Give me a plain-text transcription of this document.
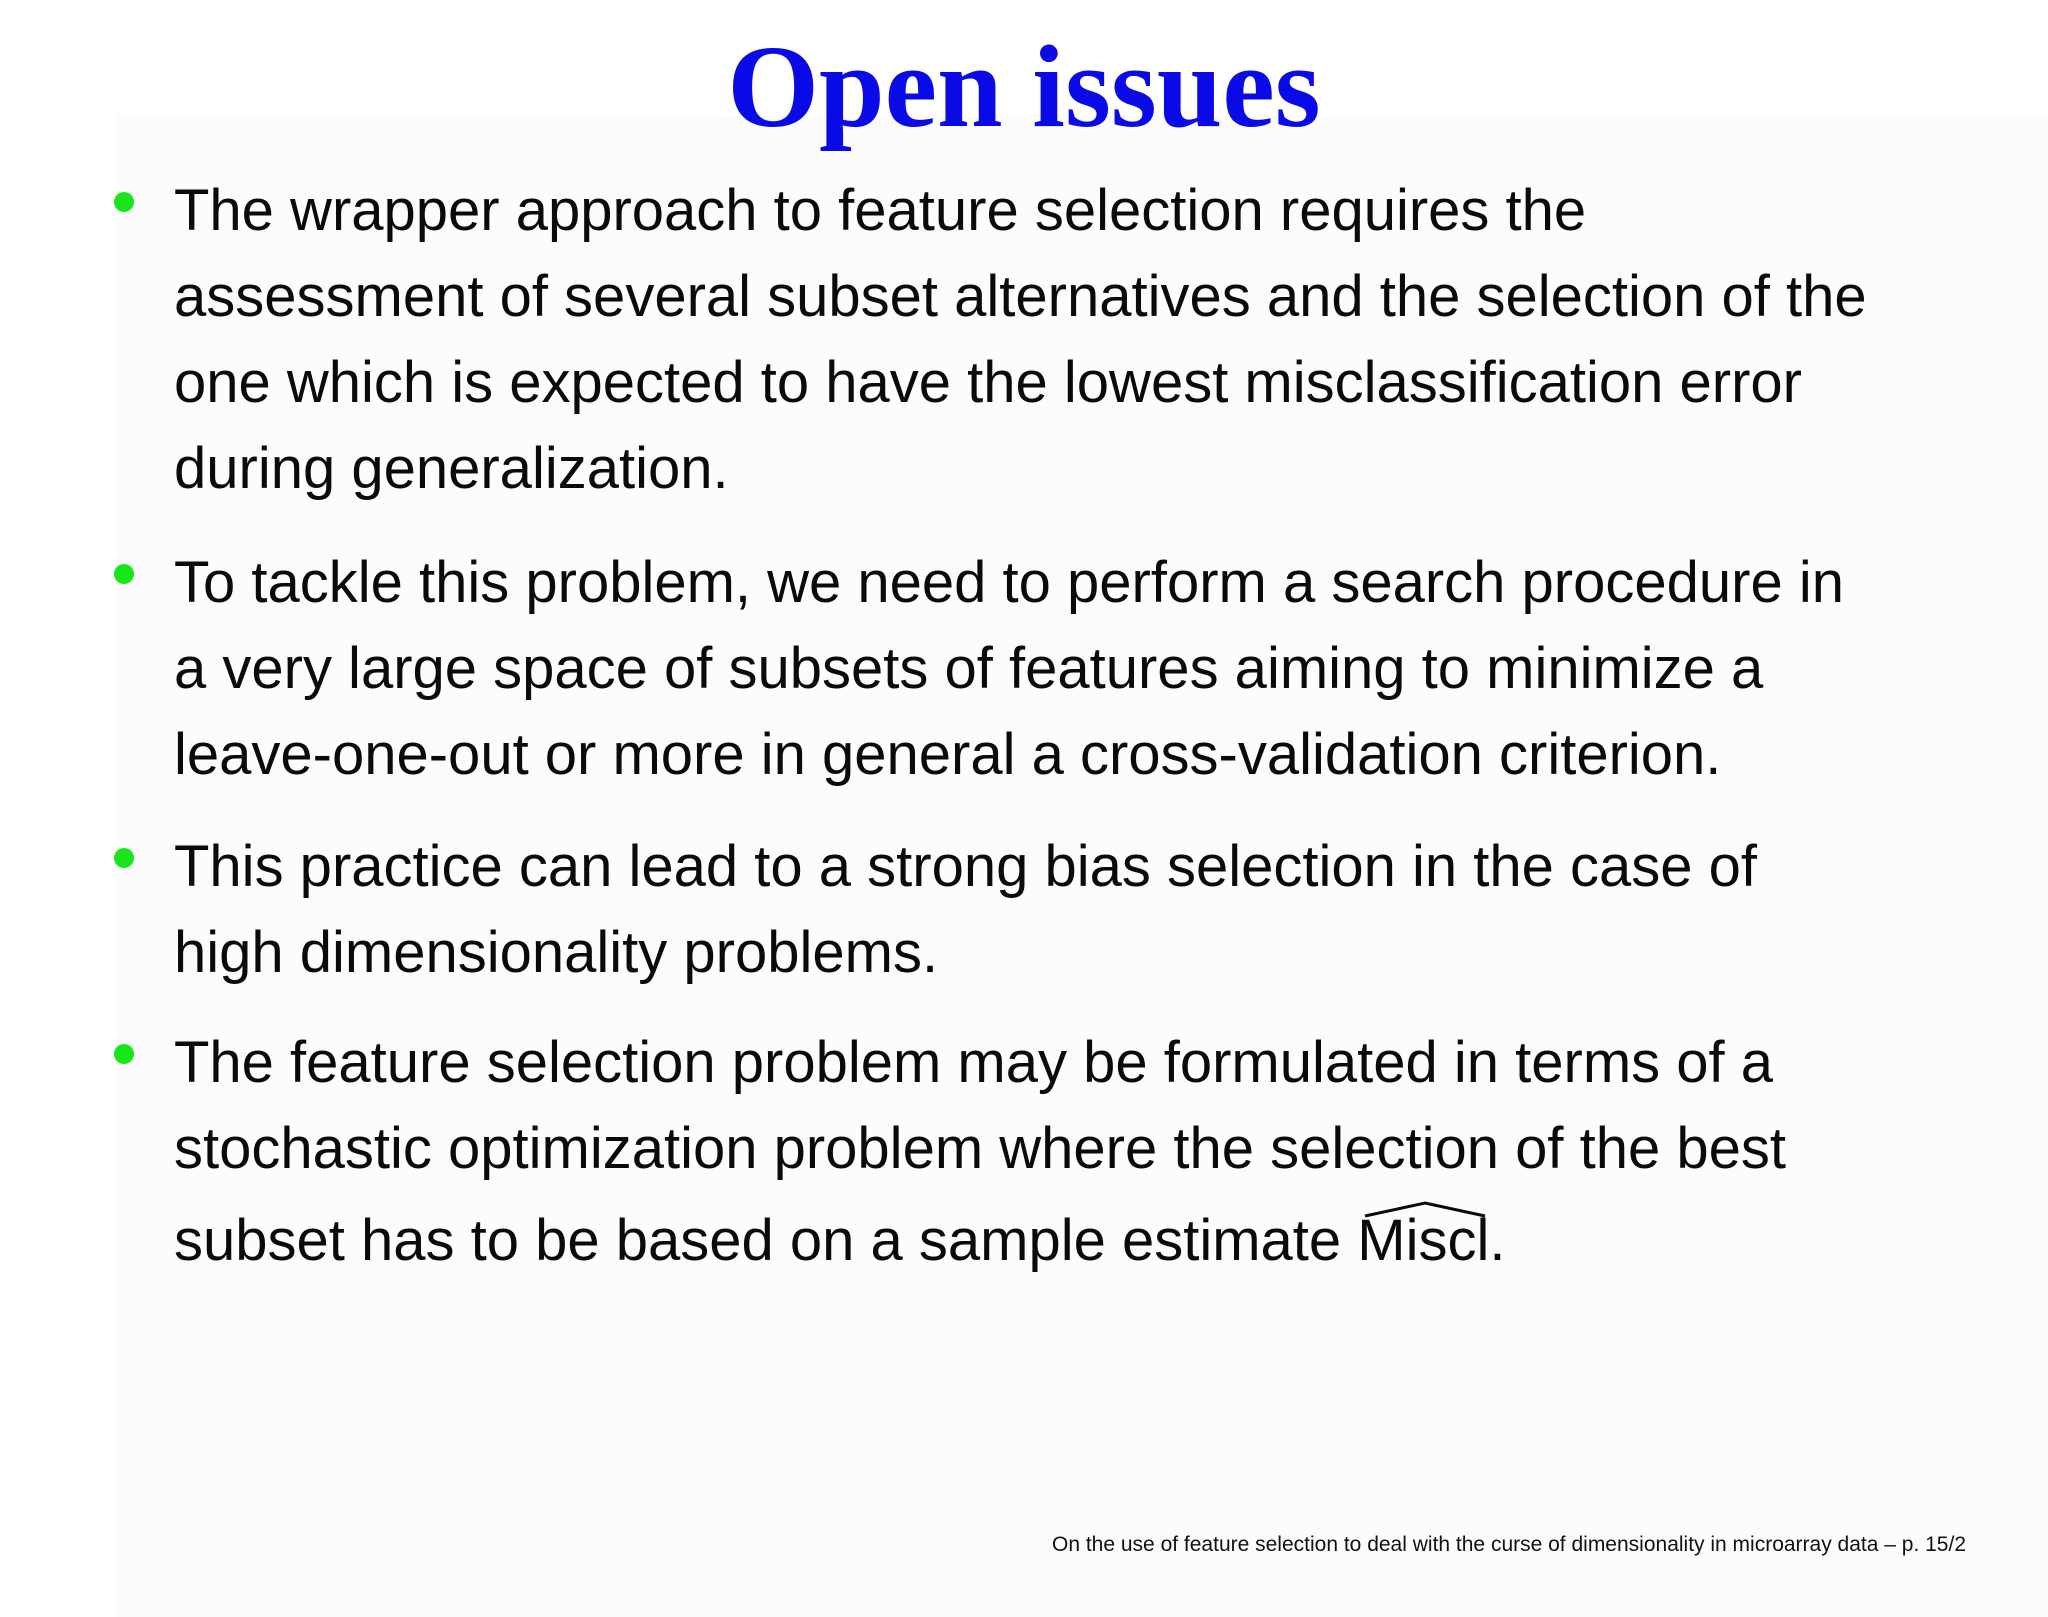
Open issues
The wrapper approach to feature selection requires the
assessment of several subset alternatives and the selection of the
one which is expected to have the lowest misclassification error
during generalization.
To tackle this problem, we need to perform a search procedure in
a very large space of subsets of features aiming to minimize a
leave-one-out or more in general a cross-validation criterion.
This practice can lead to a strong bias selection in the case of
high dimensionality problems.
The feature selection problem may be formulated in terms of a
stochastic optimization problem where the selection of the best
subset has to be based on a sample estimate
Miscl.
On the use of feature selection to deal with the curse of dimensionality in microarray data – p. 15/2
